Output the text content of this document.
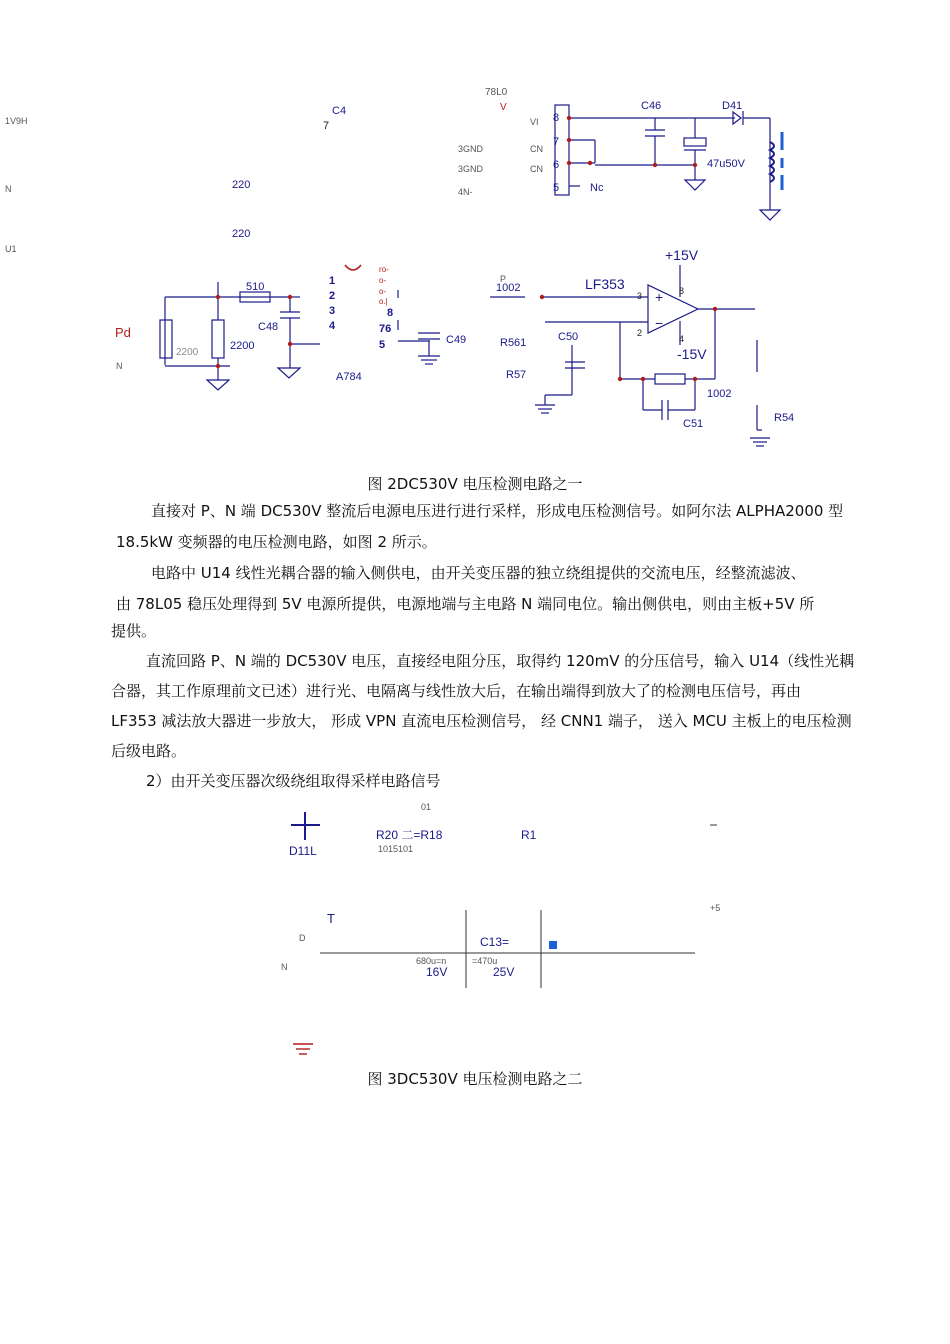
+
−
C4
7
1V9H
220
220
N
U1
78L0
V
VI
3GND	CN
3GND	CN
4N-
8
7
6
5	Nc
C46	D41
47u50V
Pd
N
510
C48
2200
2200
1
2
3
4
8
76
5
A784
ro-
o-
o-
o.|
C49
P
1002	LF353
+15V
-15V
3
2
8
4
R561	C50
R57
1002
C51	R54
图 2DC530V 电压检测电路之一
直接对 P、N 端 DC530V 整流后电源电压进行进行采样，形成电压检测信号。如阿尔法 ALPHA2000 型
18.5kW 变频器的电压检测电路，如图 2 所示。
电路中 U14 线性光耦合器的输入侧供电，由开关变压器的独立绕组提供的交流电压，经整流滤波、
由 78L05 稳压处理得到 5V 电源所提供，电源地端与主电路 N 端同电位。输出侧供电，则由主板+5V 所
提供。
直流回路 P、N 端的 DC530V 电压，直接经电阻分压，取得约 120mV 的分压信号，输入 U14（线性光耦
合器，其工作原理前文已述）进行光、电隔离与线性放大后，在输出端得到放大了的检测电压信号，再由
LF353 减法放大器进一步放大， 形成 VPN 直流电压检测信号， 经 CNN1 端子， 送入 MCU 主板上的电压检测
后级电路。
2）由开关变压器次级绕组取得采样电路信号
01
D11L
R20 二=R18
1015101
R1
T
D
N
C13=
680u=n	=470u
16V	25V
+5
图 3DC530V 电压检测电路之二
